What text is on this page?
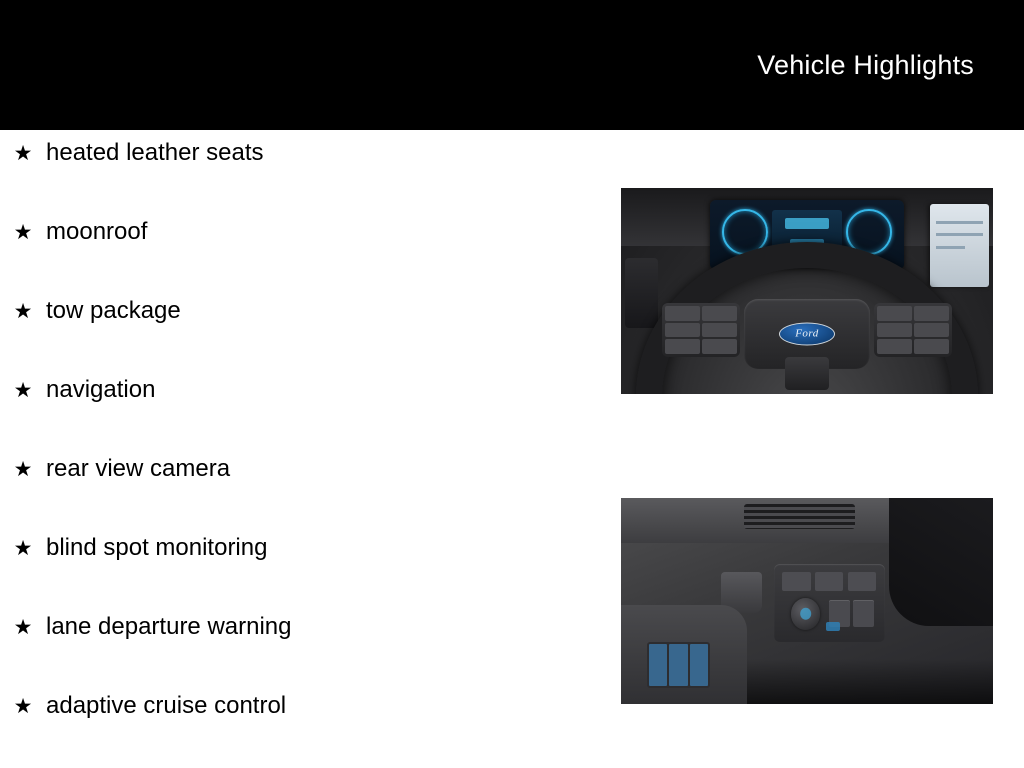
Vehicle Highlights
★ heated leather seats
★ moonroof
★ tow package
★ navigation
★ rear view camera
★ blind spot monitoring
★ lane departure warning
★ adaptive cruise control
Ford
